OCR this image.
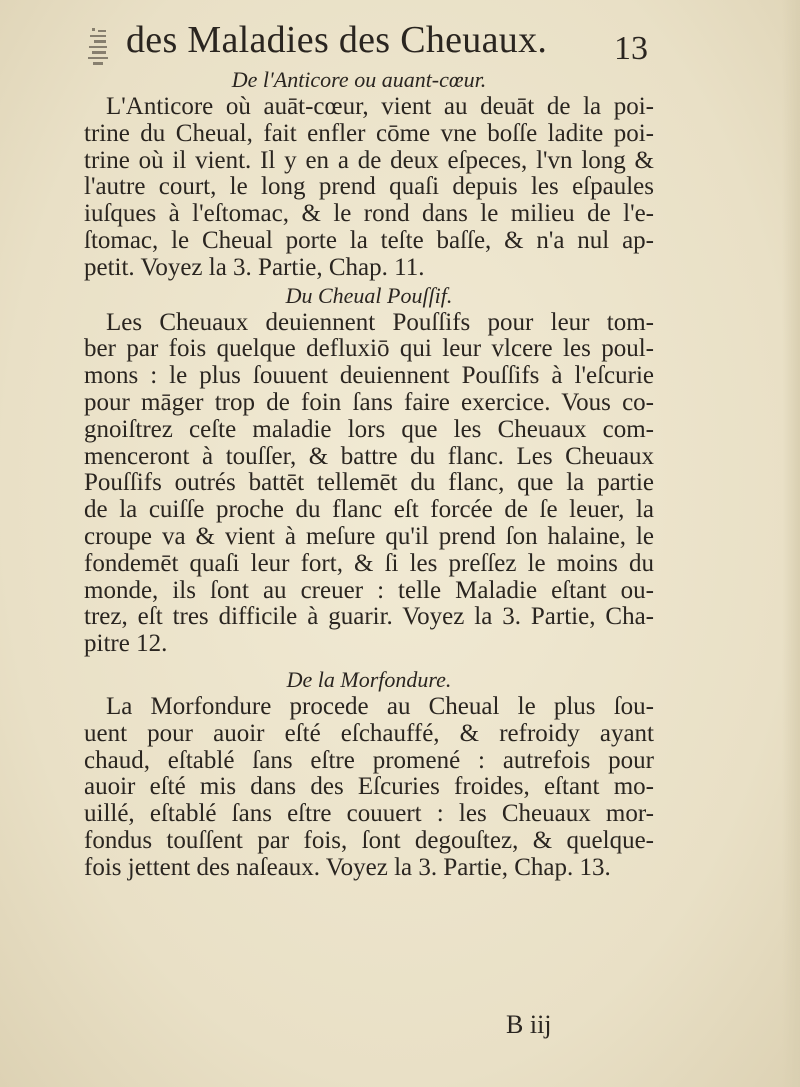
des Maladies des Cheuaux. 13
De l'Anticore ou auant-cœur.
L'Anticore où auāt-cœur, vient au deuāt de la poi-
trine du Cheual, fait enfler cōme vne boſſe ladite poi-
trine où il vient. Il y en a de deux eſpeces, l'vn long &
l'autre court, le long prend quaſi depuis les eſpaules
iuſques à l'eſtomac, & le rond dans le milieu de l'e-
ſtomac, le Cheual porte la teſte baſſe, & n'a nul ap-
petit. Voyez la 3. Partie, Chap. 11.
Du Cheual Pouſſif.
Les Cheuaux deuiennent Pouſſifs pour leur tom-
ber par fois quelque defluxiō qui leur vlcere les poul-
mons : le plus ſouuent deuiennent Pouſſifs à l'eſcurie
pour māger trop de foin ſans faire exercice. Vous co-
gnoiſtrez ceſte maladie lors que les Cheuaux com-
menceront à touſſer, & battre du flanc. Les Cheuaux
Pouſſifs outrés battēt tellemēt du flanc, que la partie
de la cuiſſe proche du flanc eſt forcée de ſe leuer, la
croupe va & vient à meſure qu'il prend ſon halaine, le
fondemēt quaſi leur fort, & ſi les preſſez le moins du
monde, ils ſont au creuer : telle Maladie eſtant ou-
trez, eſt tres difficile à guarir. Voyez la 3. Partie, Cha-
pitre 12.
De la Morfondure.
La Morfondure procede au Cheual le plus ſou-
uent pour auoir eſté eſchauffé, & refroidy ayant
chaud, eſtablé ſans eſtre promené : autrefois pour
auoir eſté mis dans des Eſcuries froides, eſtant mo-
uillé, eſtablé ſans eſtre couuert : les Cheuaux mor-
fondus touſſent par fois, ſont degouſtez, & quelque-
fois jettent des naſeaux. Voyez la 3. Partie, Chap. 13.
B iij
